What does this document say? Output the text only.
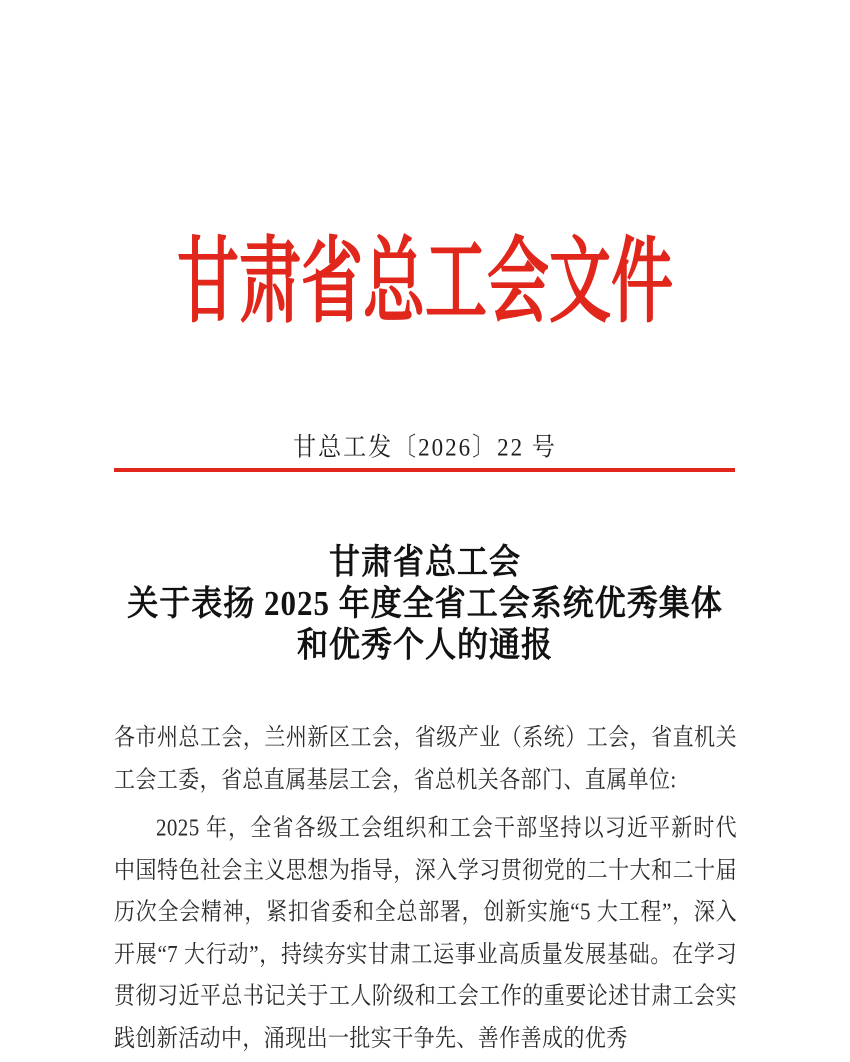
甘肃省总工会文件
甘总工发〔2026〕22 号
甘肃省总工会
关于表扬 2025 年度全省工会系统优秀集体
和优秀个人的通报

各市州总工会，兰州新区工会，省级产业（系统）工会，省直机关工会工委，省总直属基层工会，省总机关各部门、直属单位:

2025 年，全省各级工会组织和工会干部坚持以习近平新时代中国特色社会主义思想为指导，深入学习贯彻党的二十大和二十届历次全会精神，紧扣省委和全总部署，创新实施“5 大工程”，深入开展“7 大行动”，持续夯实甘肃工运事业高质量发展基础。在学习贯彻习近平总书记关于工人阶级和工会工作的重要论述甘肃工会实践创新活动中，涌现出一批实干争先、善作善成的优秀
